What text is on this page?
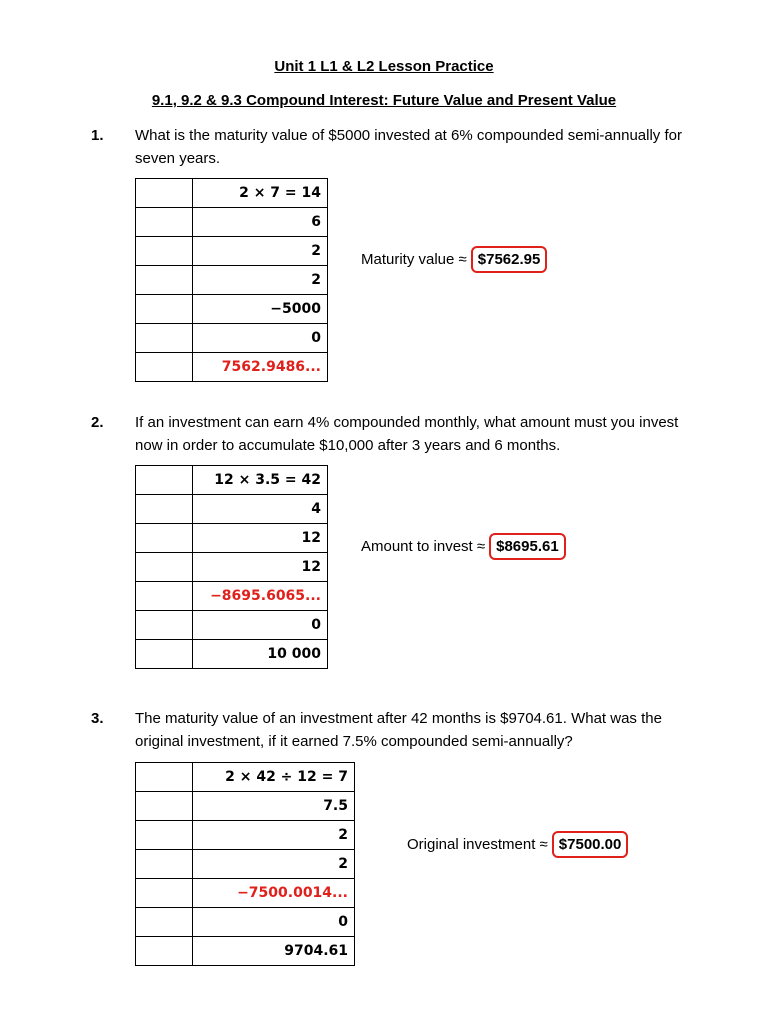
Unit 1 L1 & L2 Lesson Practice
9.1, 9.2 & 9.3 Compound Interest: Future Value and Present Value
1. What is the maturity value of $5000 invested at 6% compounded semi-annually for seven years.
	2 × 7 = 14
	6
	2
	2
	−5000
	0
	7562.9486...
Maturity value ≈ $7562.95
2. If an investment can earn 4% compounded monthly, what amount must you invest now in order to accumulate $10,000 after 3 years and 6 months.
	12 × 3.5 = 42
	4
	12
	12
	−8695.6065...
	0
	10 000
Amount to invest ≈ $8695.61
3. The maturity value of an investment after 42 months is $9704.61. What was the original investment, if it earned 7.5% compounded semi-annually?
	2 × 42 ÷ 12 = 7
	7.5
	2
	2
	−7500.0014...
	0
	9704.61
Original investment ≈ $7500.00
